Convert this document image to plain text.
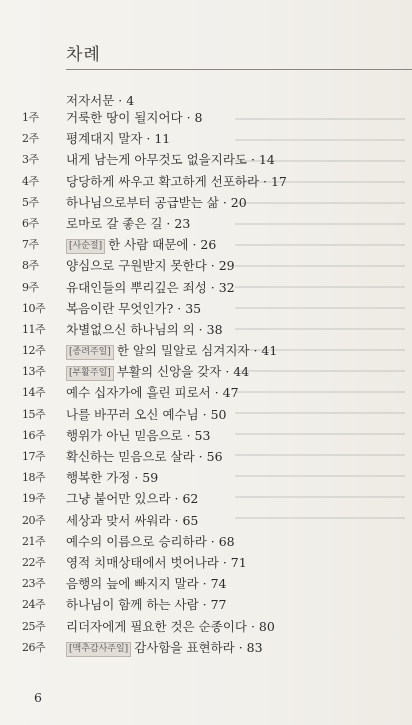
차례
저자서문 · 4
1주	거룩한 땅이 될지어다 · 8
2주	평계대지 말자 · 11
3주	내게 남는게 아무것도 없을지라도 · 14
4주	당당하게 싸우고 확고하게 선포하라 · 17
5주	하나님으로부터 공급받는 삶 · 20
6주	로마로 갈 좋은 길 · 23
7주	[사순절] 한 사람 때문에 · 26
8주	양심으로 구원받지 못한다 · 29
9주	유대인들의 뿌리깊은 죄성 · 32
10주	복음이란 무엇인가? · 35
11주	차별없으신 하나님의 의 · 38
12주	[종려주일] 한 알의 밀알로 심겨지자 · 41
13주	[부활주일] 부활의 신앙을 갖자 · 44
14주	예수 십자가에 흘린 피로서 · 47
15주	나를 바꾸러 오신 예수님 · 50
16주	행위가 아닌 믿음으로 · 53
17주	확신하는 믿음으로 살라 · 56
18주	행복한 가정 · 59
19주	그냥 붙어만 있으라 · 62
20주	세상과 맞서 싸워라 · 65
21주	예수의 이름으로 승리하라 · 68
22주	영적 치매상태에서 벗어나라 · 71
23주	음행의 늪에 빠지지 말라 · 74
24주	하나님이 함께 하는 사람 · 77
25주	리더자에게 필요한 것은 순종이다 · 80
26주	[맥추감사주일] 감사함을 표현하라 · 83
6
